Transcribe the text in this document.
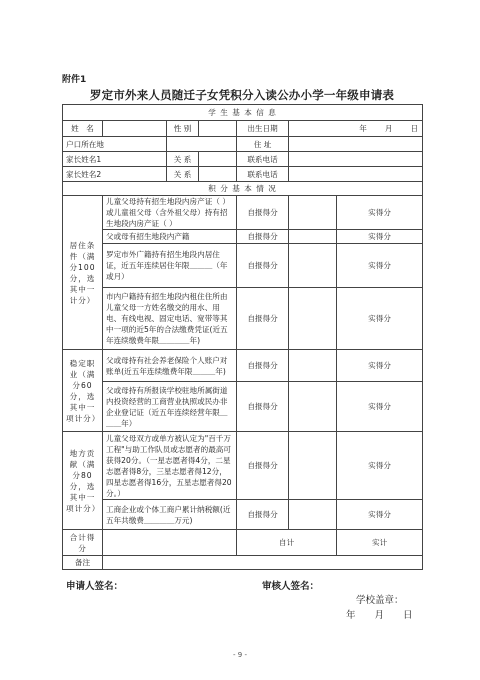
附件1
罗定市外来人员随迁子女凭积分入读公办小学一年级申请表
学 生 基 本 信 息						
姓　名		性 别		出生日期	年 月 日	
户口所在地				住 址		
家长姓名1		关 系		联系电话		
家长姓名2		关 系		联系电话		
积 分 基 本 情 况						
居住条件（满分100分，选其中一计分）	儿童父母持有招生地段内房产证（ ）或儿童祖父母（含外祖父母）持有招生地段内房产证（ ）			自报得分		实得分
	父或母有招生地段内产籍			自报得分		实得分
	罗定市外广籍持有招生地段内居住证，近五年连续居住年限＿＿＿（年或月）			自报得分		实得分
	市内户籍持有招生地段内租住住所由儿童父母一方姓名缴交的用水、用电、有线电视、固定电话、宽带等其中一项的近5年的合法缴费凭证(近五年连续缴费年限＿＿＿＿年)			自报得分		实得分
稳定职业（满分60分，选其中一项计分）	父或母持有社会养老保险个人账户对账单(近五年连续缴费年限＿＿＿年)			自报得分		实得分
	父或母持有所报读学校驻地所属街道内投资经营的工商营业执照或民办非企业登记证（近五年连续经营年限＿＿＿年）			自报得分		实得分
地方贡献（满分80分，选其中一项计分）	儿童父母双方或单方被认定为"百千万工程"与助工作队员或志愿者的最高可获得20分。（一星志愿者得4分，二星志愿者得8分，三星志愿者得12分，四星志愿者得16分，五星志愿者得20分。）			自报得分		实得分
	工商企业或个体工商户累计纳税额(近五年共缴费＿＿＿＿万元)			自报得分		实得分
合计得分				自计		实计
备注						
申请人签名：	审核人签名：
学校盖章：
年　　月　　日
- 9 -
